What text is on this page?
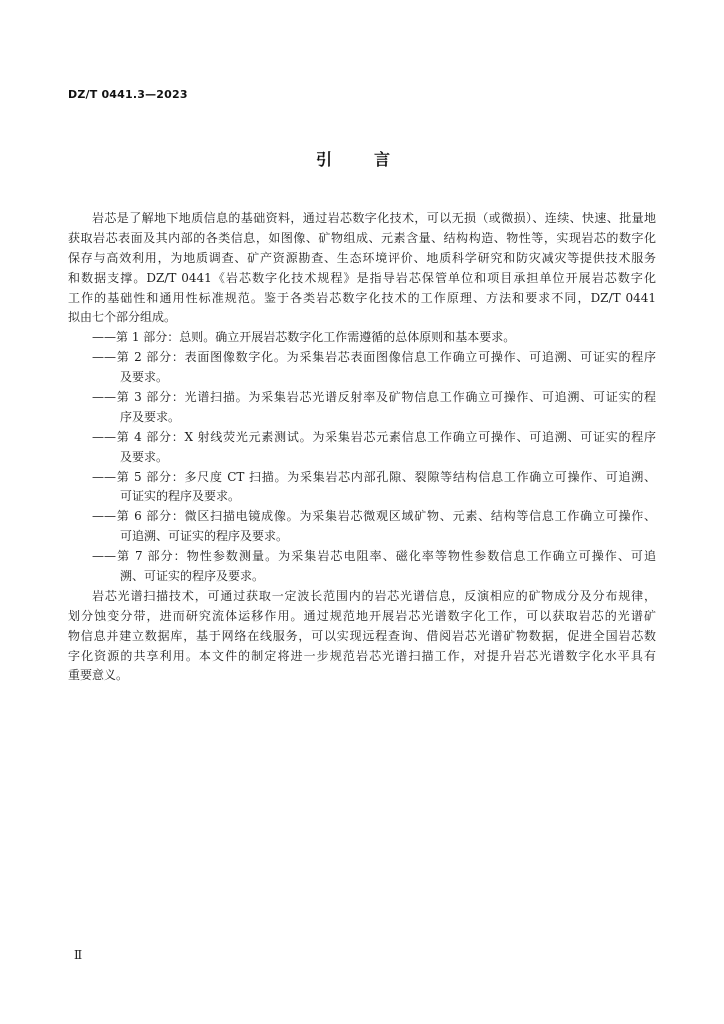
DZ/T 0441.3—2023
引言
岩芯是了解地下地质信息的基础资料，通过岩芯数字化技术，可以无损（或微损）、连续、快速、批量地
获取岩芯表面及其内部的各类信息，如图像、矿物组成、元素含量、结构构造、物性等，实现岩芯的数字化
保存与高效利用，为地质调查、矿产资源勘查、生态环境评价、地质科学研究和防灾减灾等提供技术服务
和数据支撑。DZ/T 0441《岩芯数字化技术规程》是指导岩芯保管单位和项目承担单位开展岩芯数字化
工作的基础性和通用性标准规范。鉴于各类岩芯数字化技术的工作原理、方法和要求不同，DZ/T 0441
拟由七个部分组成。
——第 1 部分：总则。确立开展岩芯数字化工作需遵循的总体原则和基本要求。
——第 2 部分：表面图像数字化。为采集岩芯表面图像信息工作确立可操作、可追溯、可证实的程序
及要求。
——第 3 部分：光谱扫描。为采集岩芯光谱反射率及矿物信息工作确立可操作、可追溯、可证实的程
序及要求。
——第 4 部分：X 射线荧光元素测试。为采集岩芯元素信息工作确立可操作、可追溯、可证实的程序
及要求。
——第 5 部分：多尺度 CT 扫描。为采集岩芯内部孔隙、裂隙等结构信息工作确立可操作、可追溯、
可证实的程序及要求。
——第 6 部分：微区扫描电镜成像。为采集岩芯微观区域矿物、元素、结构等信息工作确立可操作、
可追溯、可证实的程序及要求。
——第 7 部分：物性参数测量。为采集岩芯电阻率、磁化率等物性参数信息工作确立可操作、可追
溯、可证实的程序及要求。
岩芯光谱扫描技术，可通过获取一定波长范围内的岩芯光谱信息，反演相应的矿物成分及分布规律，
划分蚀变分带，进而研究流体运移作用。通过规范地开展岩芯光谱数字化工作，可以获取岩芯的光谱矿
物信息并建立数据库，基于网络在线服务，可以实现远程查询、借阅岩芯光谱矿物数据，促进全国岩芯数
字化资源的共享利用。本文件的制定将进一步规范岩芯光谱扫描工作，对提升岩芯光谱数字化水平具有
重要意义。
Ⅱ
